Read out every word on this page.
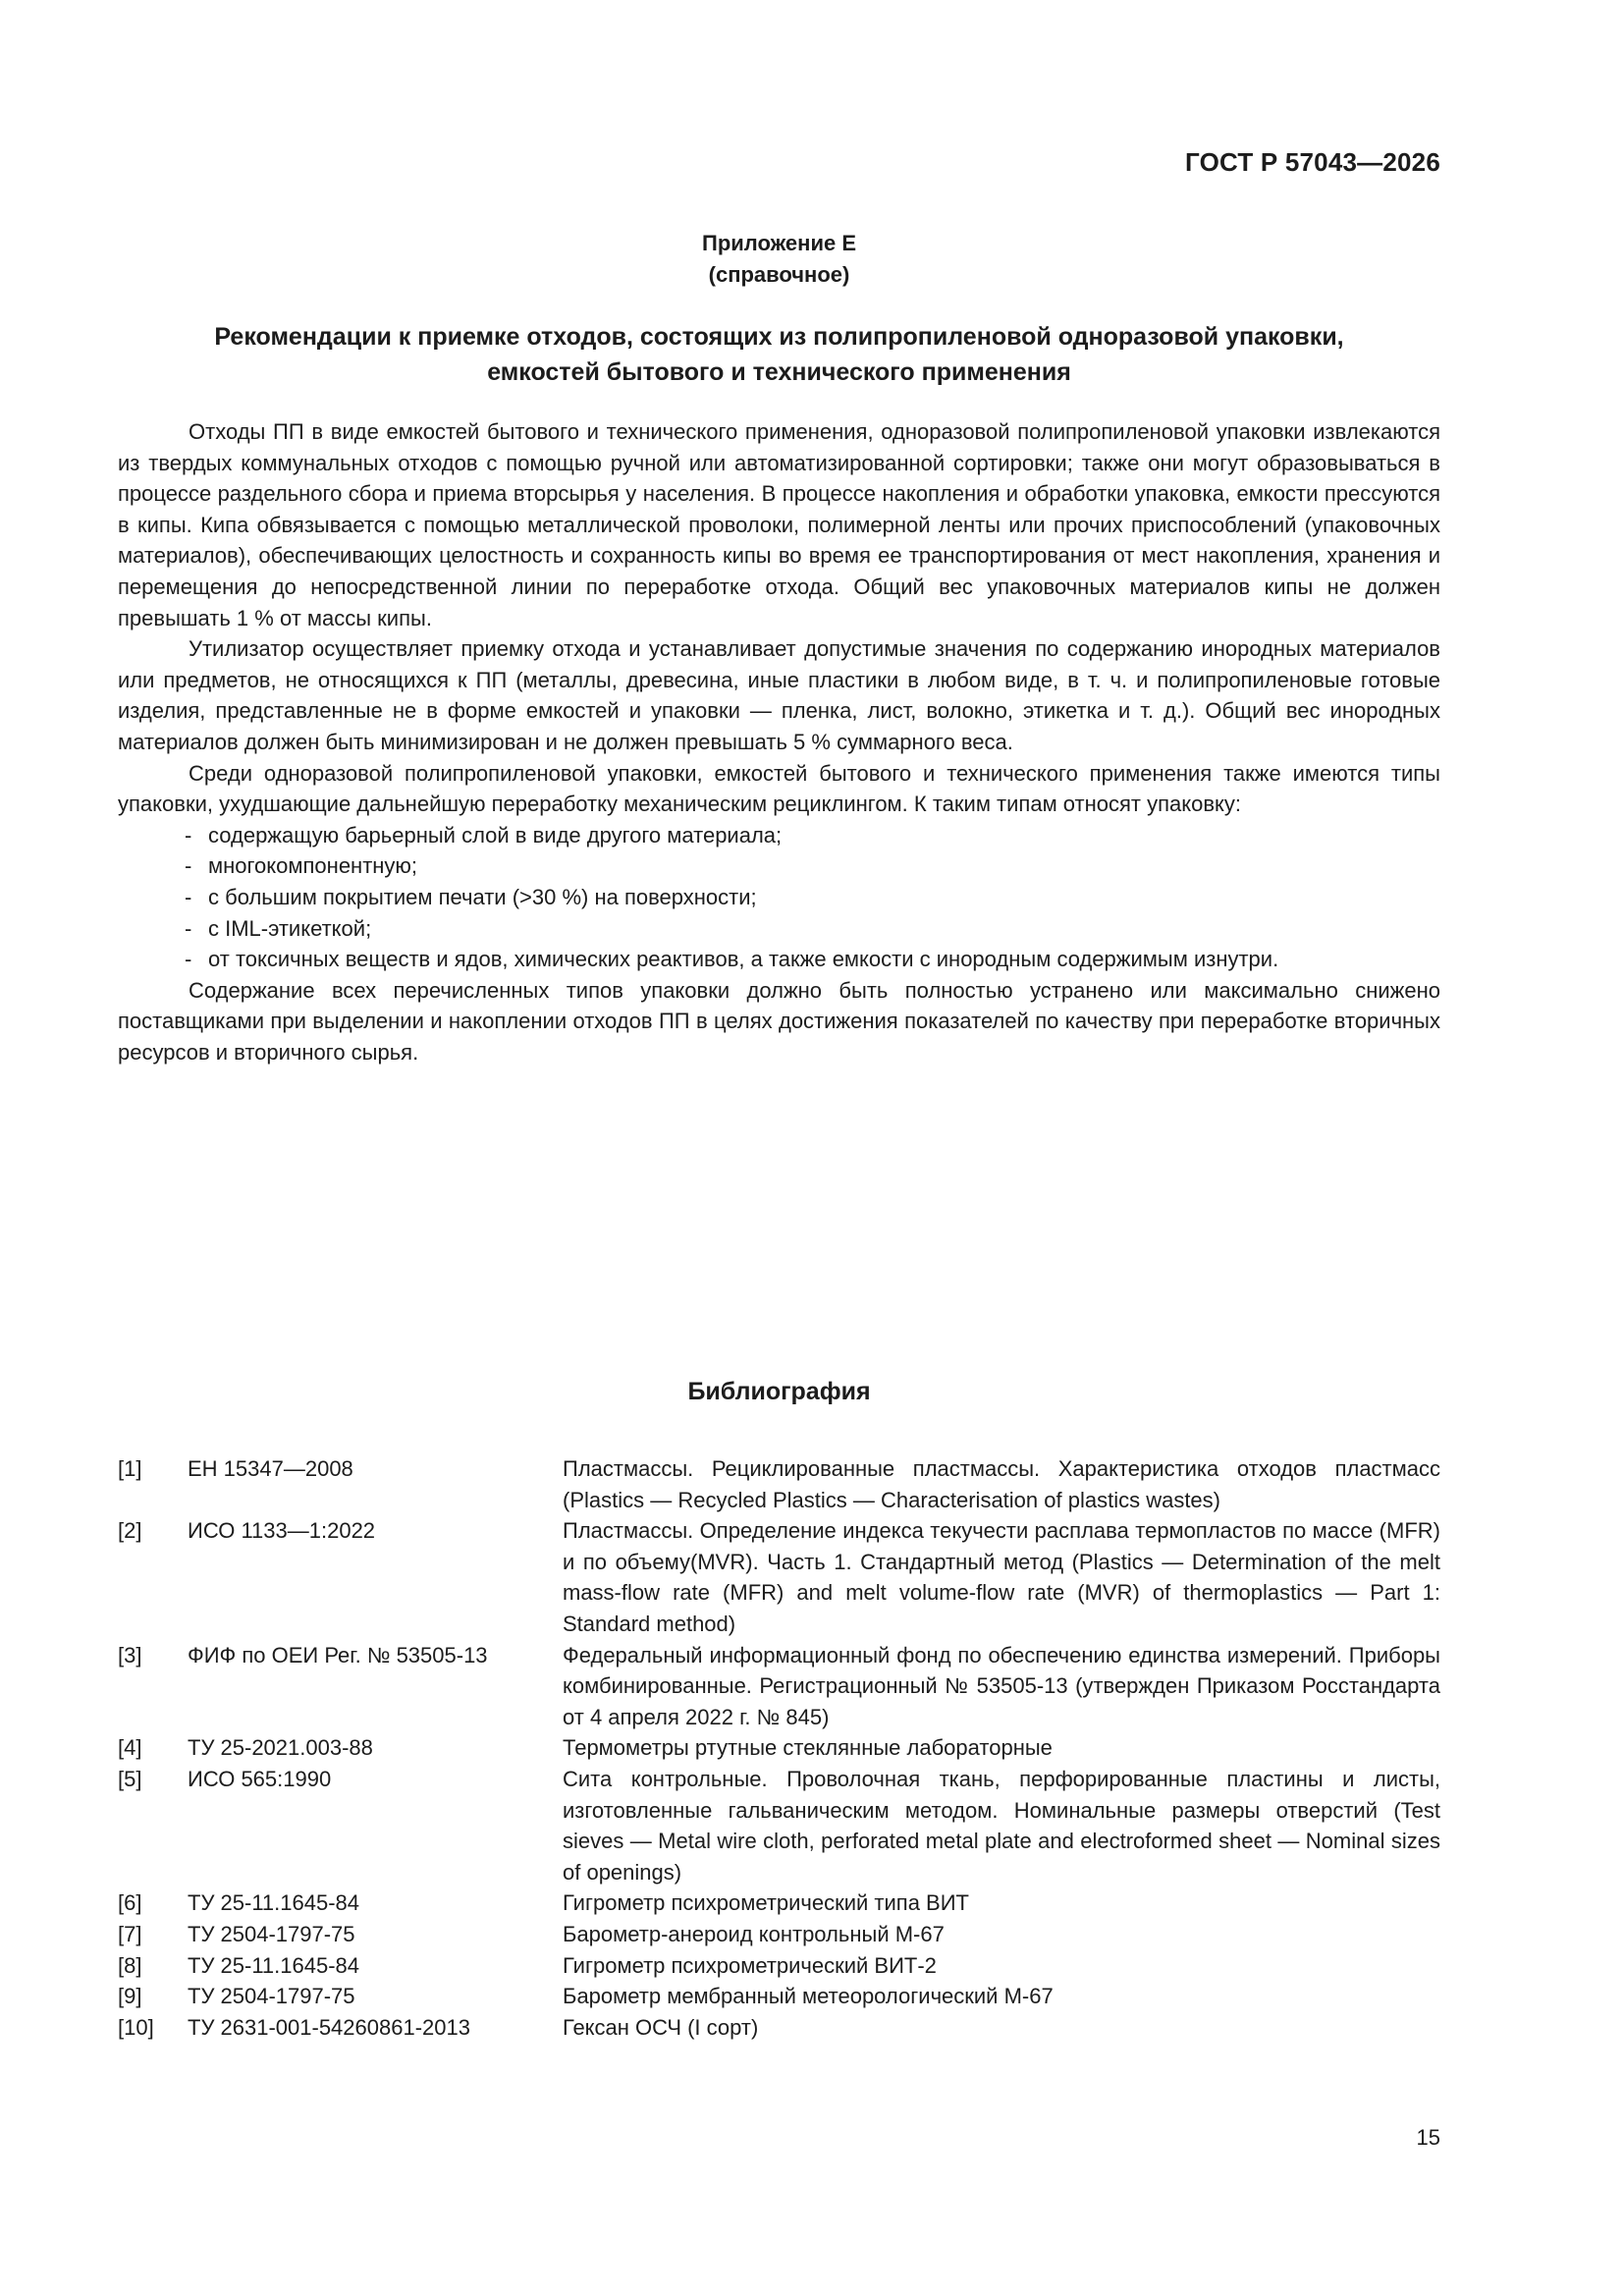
ГОСТ Р 57043—2026
Приложение Е
(справочное)
Рекомендации к приемке отходов, состоящих из полипропиленовой одноразовой упаковки,
емкостей бытового и технического применения

Отходы ПП в виде емкостей бытового и технического применения, одноразовой полипропиленовой упаковки извлекаются из твердых коммунальных отходов с помощью ручной или автоматизированной сортировки; также они могут образовываться в процессе раздельного сбора и приема вторсырья у населения. В процессе накопления и обработки упаковка, емкости прессуются в кипы. Кипа обвязывается с помощью металлической проволоки, полимерной ленты или прочих приспособлений (упаковочных материалов), обеспечивающих целостность и сохранность кипы во время ее транспортирования от мест накопления, хранения и перемещения до непосредственной линии по переработке отхода. Общий вес упаковочных материалов кипы не должен превышать 1 % от массы кипы.

Утилизатор осуществляет приемку отхода и устанавливает допустимые значения по содержанию инородных материалов или предметов, не относящихся к ПП (металлы, древесина, иные пластики в любом виде, в т. ч. и полипропиленовые готовые изделия, представленные не в форме емкостей и упаковки — пленка, лист, волокно, этикетка и т. д.). Общий вес инородных материалов должен быть минимизирован и не должен превышать 5 % суммарного веса.

Среди одноразовой полипропиленовой упаковки, емкостей бытового и технического применения также имеются типы упаковки, ухудшающие дальнейшую переработку механическим рециклингом. К таким типам относят упаковку:

- содержащую барьерный слой в виде другого материала;
- многокомпонентную;
- с большим покрытием печати (>30 %) на поверхности;
- с IML-этикеткой;
- от токсичных веществ и ядов, химических реактивов, а также емкости с инородным содержимым изнутри.

Содержание всех перечисленных типов упаковки должно быть полностью устранено или максимально снижено поставщиками при выделении и накоплении отходов ПП в целях достижения показателей по качеству при переработке вторичных ресурсов и вторичного сырья.

Библиография
[1]	ЕН 15347—2008	Пластмассы. Рециклированные пластмассы. Характеристика отходов пластмасс (Plastics — Recycled Plastics — Characterisation of plastics wastes)
[2]	ИСО 1133—1:2022	Пластмассы. Определение индекса текучести расплава термопластов по массе (MFR) и по объему(MVR). Часть 1. Стандартный метод (Plastics — Determination of the melt mass-flow rate (MFR) and melt volume-flow rate (MVR) of thermoplastics — Part 1: Standard method)
[3]	ФИФ по ОЕИ Рег. № 53505-13	Федеральный информационный фонд по обеспечению единства измерений. Приборы комбинированные. Регистрационный № 53505-13 (утвержден Приказом Росстандарта от 4 апреля 2022 г. № 845)
[4]	ТУ 25-2021.003-88	Термометры ртутные стеклянные лабораторные
[5]	ИСО 565:1990	Сита контрольные. Проволочная ткань, перфорированные пластины и листы, изготовленные гальваническим методом. Номинальные размеры отверстий (Test sieves — Metal wire cloth, perforated metal plate and electroformed sheet — Nominal sizes of openings)
[6]	ТУ 25-11.1645-84	Гигрометр психрометрический типа ВИТ
[7]	ТУ 2504-1797-75	Барометр-анероид контрольный М-67
[8]	ТУ 25-11.1645-84	Гигрометр психрометрический ВИТ-2
[9]	ТУ 2504-1797-75	Барометр мембранный метеорологический М-67
[10]	ТУ 2631-001-54260861-2013	Гексан ОСЧ (I сорт)
15
